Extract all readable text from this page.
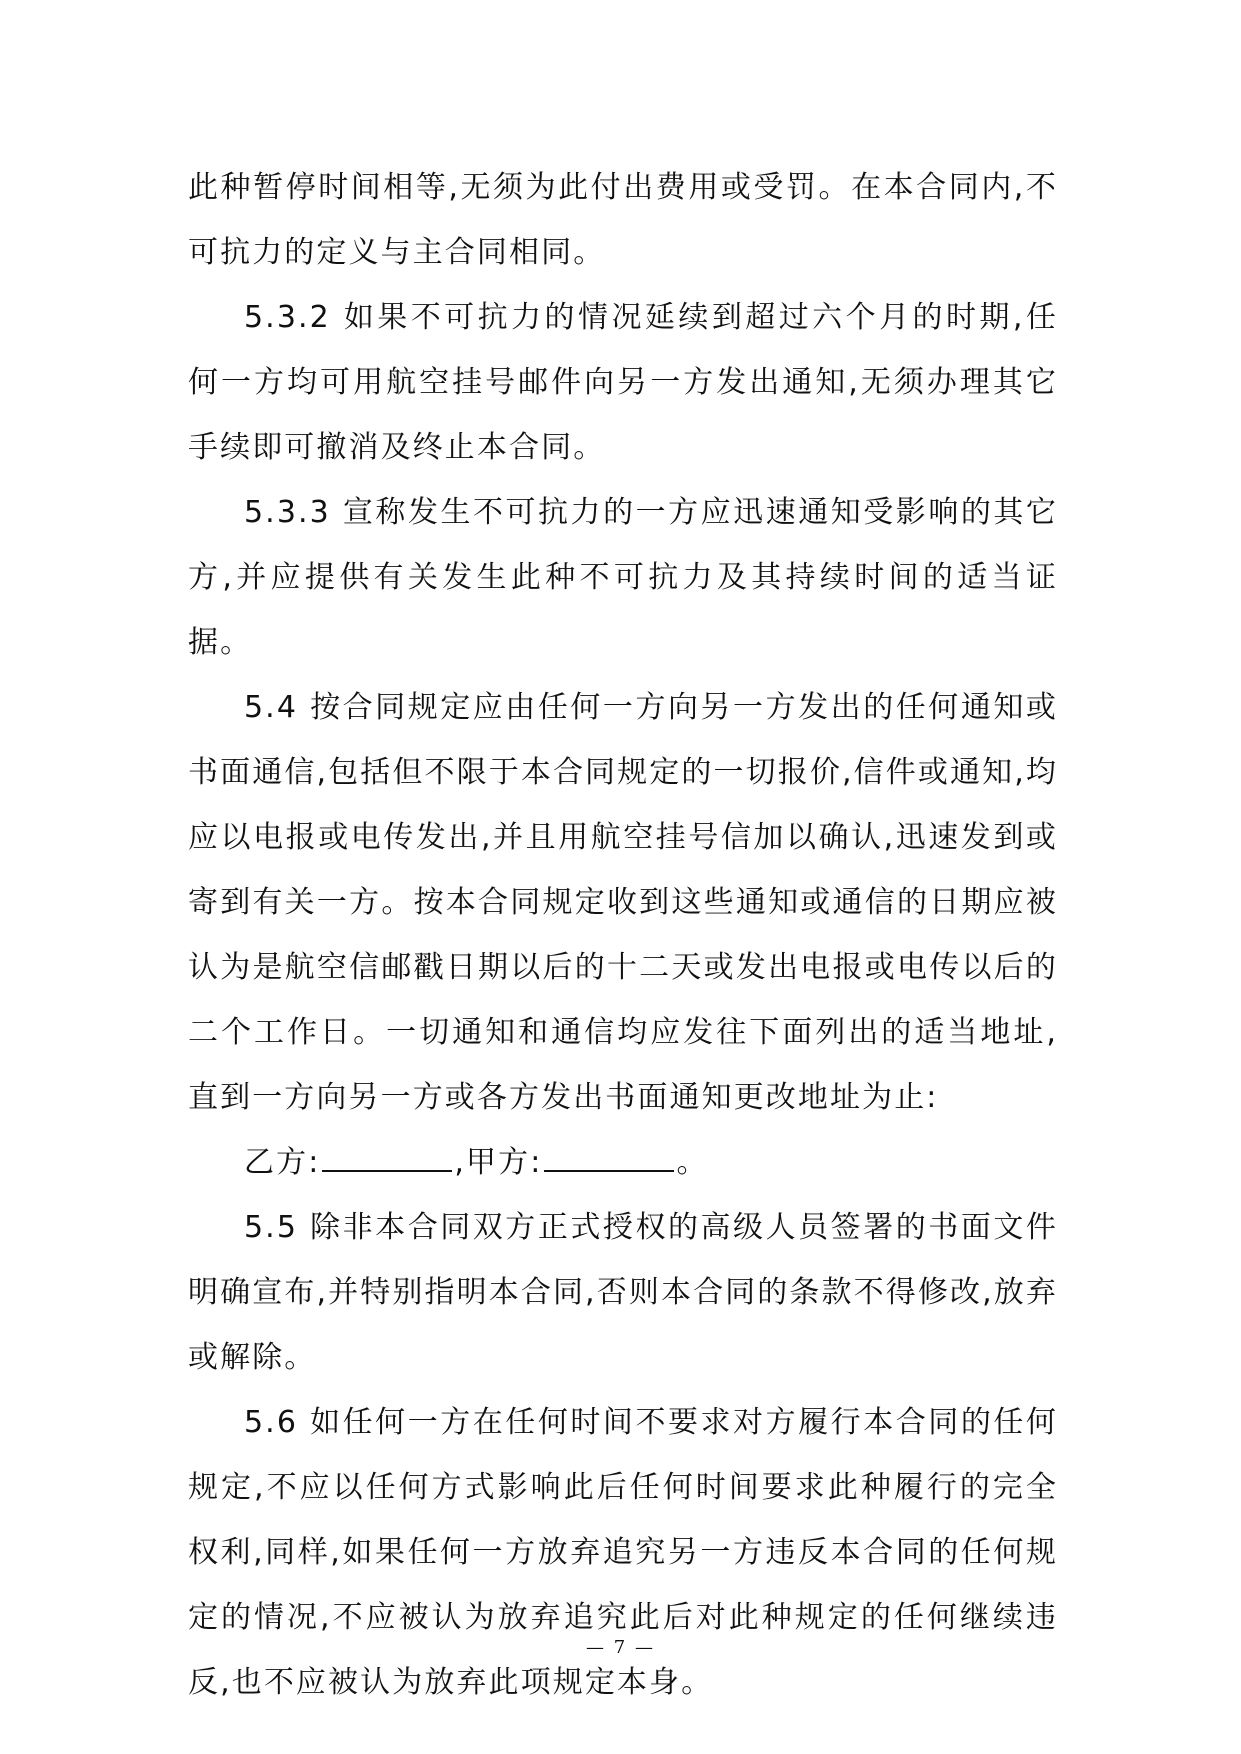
此种暂停时间相等,无须为此付出费用或受罚。在本合同内,不可抗力的定义与主合同相同。

5.3.2 如果不可抗力的情况延续到超过六个月的时期,任何一方均可用航空挂号邮件向另一方发出通知,无须办理其它手续即可撤消及终止本合同。

5.3.3 宣称发生不可抗力的一方应迅速通知受影响的其它方,并应提供有关发生此种不可抗力及其持续时间的适当证据。

5.4 按合同规定应由任何一方向另一方发出的任何通知或书面通信,包括但不限于本合同规定的一切报价,信件或通知,均应以电报或电传发出,并且用航空挂号信加以确认,迅速发到或寄到有关一方。按本合同规定收到这些通知或通信的日期应被认为是航空信邮戳日期以后的十二天或发出电报或电传以后的二个工作日。一切通知和通信均应发往下面列出的适当地址,直到一方向另一方或各方发出书面通知更改地址为止:

乙方:	,甲方:	。

5.5 除非本合同双方正式授权的高级人员签署的书面文件明确宣布,并特别指明本合同,否则本合同的条款不得修改,放弃或解除。

5.6 如任何一方在任何时间不要求对方履行本合同的任何规定,不应以任何方式影响此后任何时间要求此种履行的完全权利,同样,如果任何一方放弃追究另一方违反本合同的任何规定的情况,不应被认为放弃追究此后对此种规定的任何继续违反,也不应被认为放弃此项规定本身。

— 7 —
